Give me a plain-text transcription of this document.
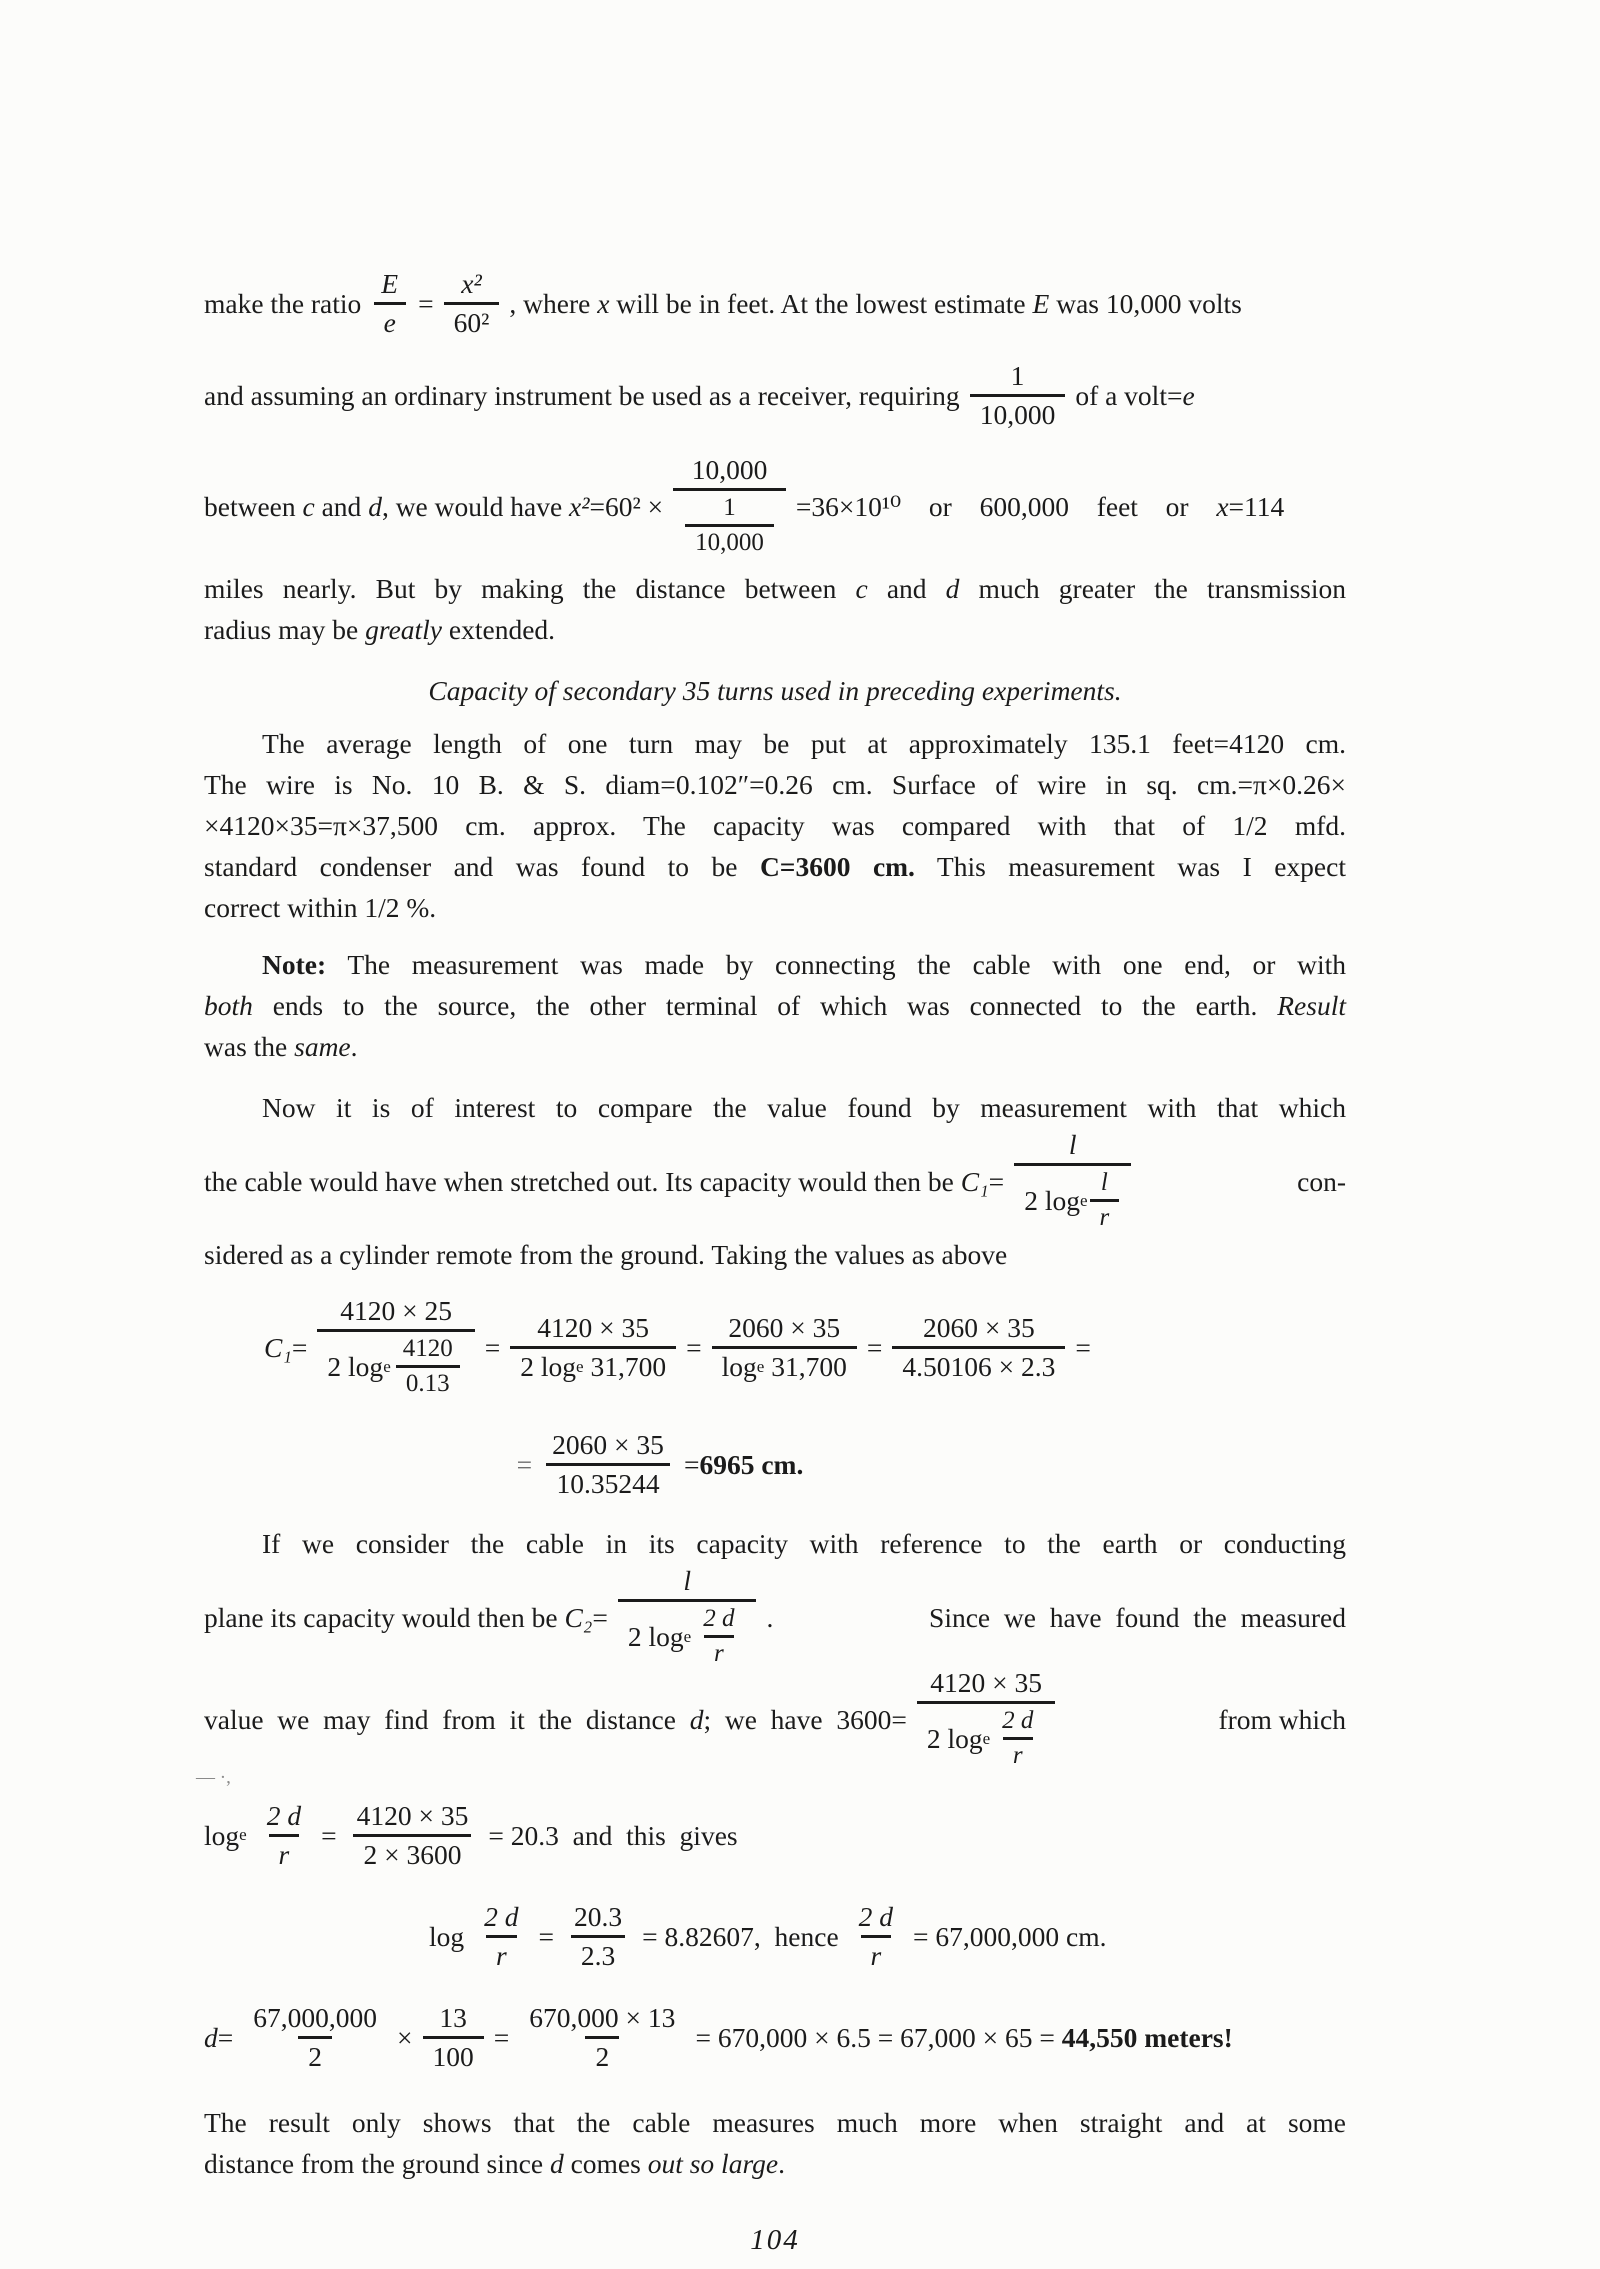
make the ratio $\frac{E}{e} = \frac{\text{x²}}{\text{60²}}$ , where x will be in feet. At the lowest estimate E was 10,000 volts
and assuming an ordinary instrument be used as a receiver, requiring $\frac{1}{10,000}$ of a volt= e
between c and d , we would have $x^2 =60^2 \times \frac{10,000}{\frac{1}{10,000}} =36\times 10^{10}$  or  600,000  feet  or x =114
miles nearly. But by making the distance between c and d much greater the transmission
radius may be greatly extended.
Capacity of secondary 35 turns used in preceding experiments.
The average length of one turn may be put at approximately 135.1 feet=4120 cm.
The wire is No. 10 B. & S. diam=0.102″=0.26 cm. Surface of wire in sq. cm.=π×0.26×
×4120×35=π×37,500 cm. approx. The capacity was compared with that of 1/2 mfd.
standard condenser and was found to be C=3600 cm. This measurement was I expect
correct within 1/2 %.
Note: The measurement was made by connecting the cable with one end, or with
both ends to the source, the other terminal of which was connected to the earth. Result
was the same.
Now it is of interest to compare the value found by measurement with that which
the cable would have when stretched out. Its capacity would then be $C_1 = \frac{l}{2 \log e \frac{l}{r}}$	con-
sidered as a cylinder remote from the ground. Taking the values as above
$C_1 = \frac{4120 \times 25}{2 \log e \frac{4120}{0.13}} = \frac{4120 \times 35}{\text{2 log e 31,700}} = \frac{2060 \times 35}{\text{log e 31,700}} = \frac{2060 \times 35}{4.50106 \times 2.3}$ =
= $\frac{2060 \times 35}{10.35244} = 6965$ cm.
If we consider the cable in its capacity with reference to the earth or conducting
plane its capacity would then be $C_2 = \frac{l}{2 \log e \frac{2 d}{r}}$ .	Since  we  have  found  the  measured
value  we  may  find  from  it  the  distance d ;  we  have  $3600= \frac{4120 \times 35}{2 \log e \frac{2 d}{r}}$	from which
— ·,
log e $\frac{2 d}{r} = \frac{4120 \times 35}{2 \times 3600} = 20.3$  and  this  gives
$\log \frac{2 d}{r} = \frac{20.3}{2.3} = 8.82607$,  hence $\frac{2 d}{r} = 67,000,000$ cm.
$d = \frac{67,000,000}{2} \times \frac{13}{100} = \frac{670,000 \times 13}{2} = 670,000 \times 6.5 = 67,000 \times 65 = 44,550$ meters!
The result only shows that the cable measures much more when straight and at some
distance from the ground since d comes out so large.
104
